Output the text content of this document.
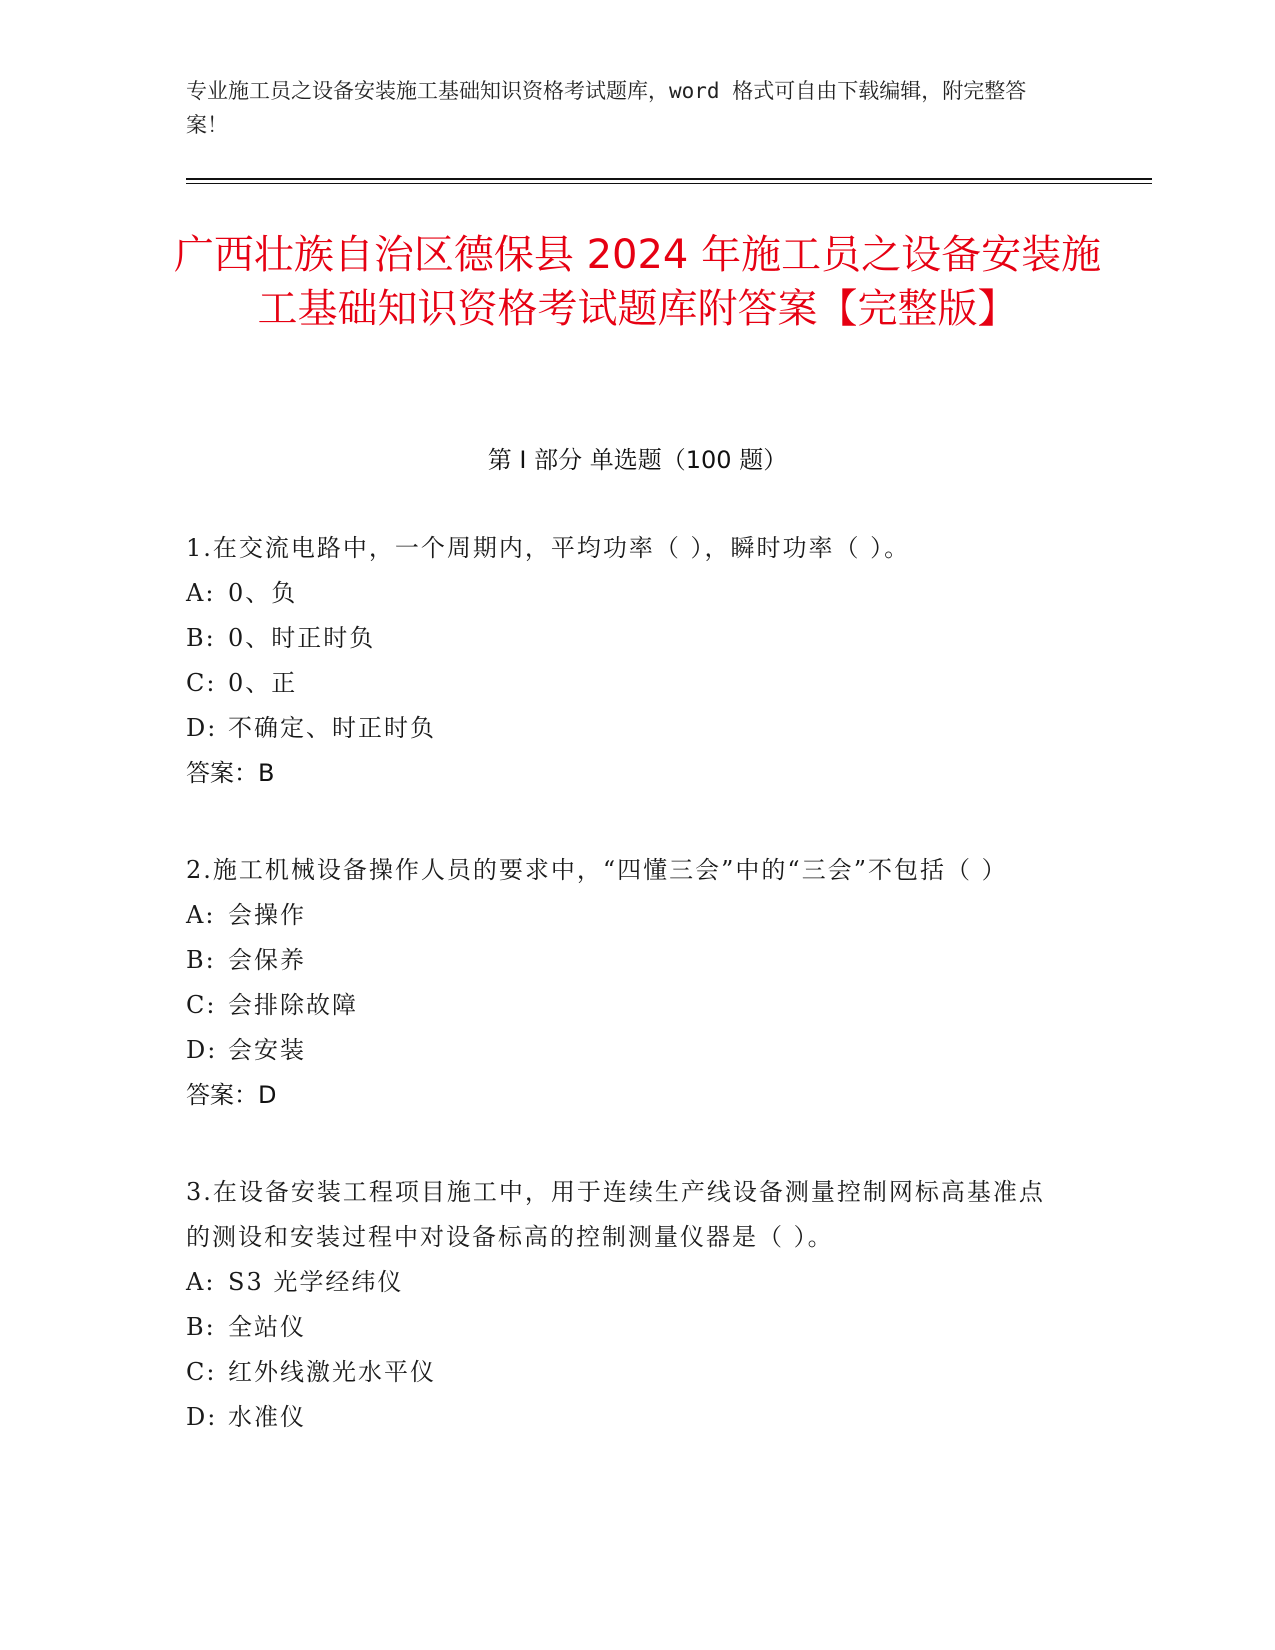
专业施工员之设备安装施工基础知识资格考试题库，word 格式可自由下载编辑，附完整答案！
广西壮族自治区德保县 2024 年施工员之设备安装施工基础知识资格考试题库附答案【完整版】
第 I 部分 单选题（100 题）
1.在交流电路中，一个周期内，平均功率（ ），瞬时功率（ ）。
A: 0、负
B: 0、时正时负
C: 0、正
D: 不确定、时正时负
答案：B
2.施工机械设备操作人员的要求中，“四懂三会”中的“三会”不包括（ ）
A: 会操作
B: 会保养
C: 会排除故障
D: 会安装
答案：D
3.在设备安装工程项目施工中，用于连续生产线设备测量控制网标高基准点的测设和安装过程中对设备标高的控制测量仪器是（ ）。
A: S3 光学经纬仪
B: 全站仪
C: 红外线激光水平仪
D: 水准仪
